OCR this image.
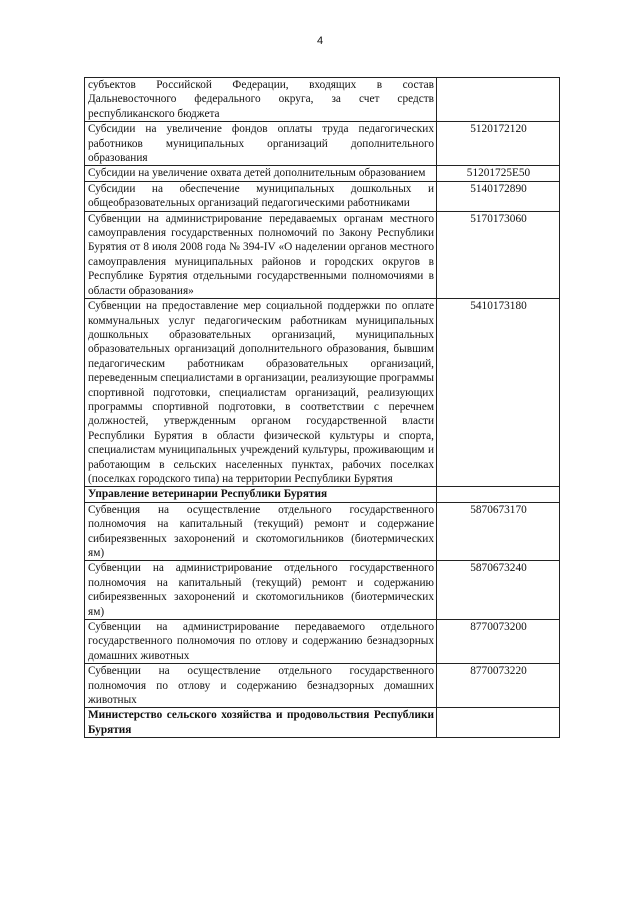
4
субъектов Российской Федерации, входящих в состав Дальневосточного федерального округа, за счет средств республиканского бюджета	
Субсидии на увеличение фондов оплаты труда педагогических работников муниципальных организаций дополнительного образования	5120172120
Субсидии на увеличение охвата детей дополнительным образованием	51201725Е50
Субсидии на обеспечение муниципальных дошкольных и общеобразовательных организаций педагогическими работниками	5140172890
Субвенции на администрирование передаваемых органам местного самоуправления государственных полномочий по Закону Республики Бурятия от 8 июля 2008 года № 394-IV «О наделении органов местного самоуправления муниципальных районов и городских округов в Республике Бурятия отдельными государственными полномочиями в области образования»	5170173060
Субвенции на предоставление мер социальной поддержки по оплате коммунальных услуг педагогическим работникам муниципальных дошкольных образовательных организаций, муниципальных образовательных организаций дополнительного образования, бывшим педагогическим работникам образовательных организаций, переведенным специалистами в организации, реализующие программы спортивной подготовки, специалистам организаций, реализующих программы спортивной подготовки, в соответствии с перечнем должностей, утвержденным органом государственной власти Республики Бурятия в области физической культуры и спорта, специалистам муниципальных учреждений культуры, проживающим и работающим в сельских населенных пунктах, рабочих поселках (поселках городского типа) на территории Республики Бурятия	5410173180
Управление ветеринарии Республики Бурятия	
Субвенция на осуществление отдельного государственного полномочия на капитальный (текущий) ремонт и содержание сибиреязвенных захоронений и скотомогильников (биотермических ям)	5870673170
Субвенции на администрирование отдельного государственного полномочия на капитальный (текущий) ремонт и содержанию сибиреязвенных захоронений и скотомогильников (биотермических ям)	5870673240
Субвенции на администрирование передаваемого отдельного государственного полномочия по отлову и содержанию безнадзорных домашних животных	8770073200
Субвенции на осуществление отдельного государственного полномочия по отлову и содержанию безнадзорных домашних животных	8770073220
Министерство сельского хозяйства и продовольствия Республики Бурятия	
